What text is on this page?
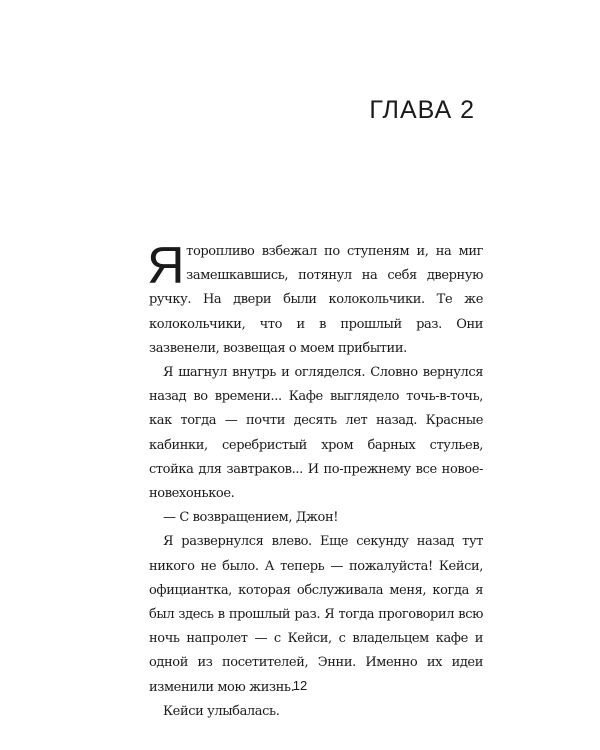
ГЛАВА 2

Яторопливо взбежал по ступеням и, на миг замешкавшись, потянул на себя дверную ручку. На двери были колокольчики. Те же колокольчики, что и в прошлый раз. Они зазвенели, возвещая о моем прибытии.

Я шагнул внутрь и огляделся. Словно вернулся назад во времени... Кафе выглядело точь-в-точь, как тогда — почти десять лет назад. Красные кабинки, серебристый хром барных стульев, стойка для завтраков... И по-прежнему все новое-новехонькое.

— С возвращением, Джон!

Я развернулся влево. Еще секунду назад тут никого не было. А теперь — пожалуйста! Кейси, официантка, которая обслуживала меня, когда я был здесь в прошлый раз. Я тогда проговорил всю ночь напролет — с Кейси, с владельцем кафе и одной из посетителей, Энни. Именно их идеи изменили мою жизнь.

Кейси улыбалась.

12
